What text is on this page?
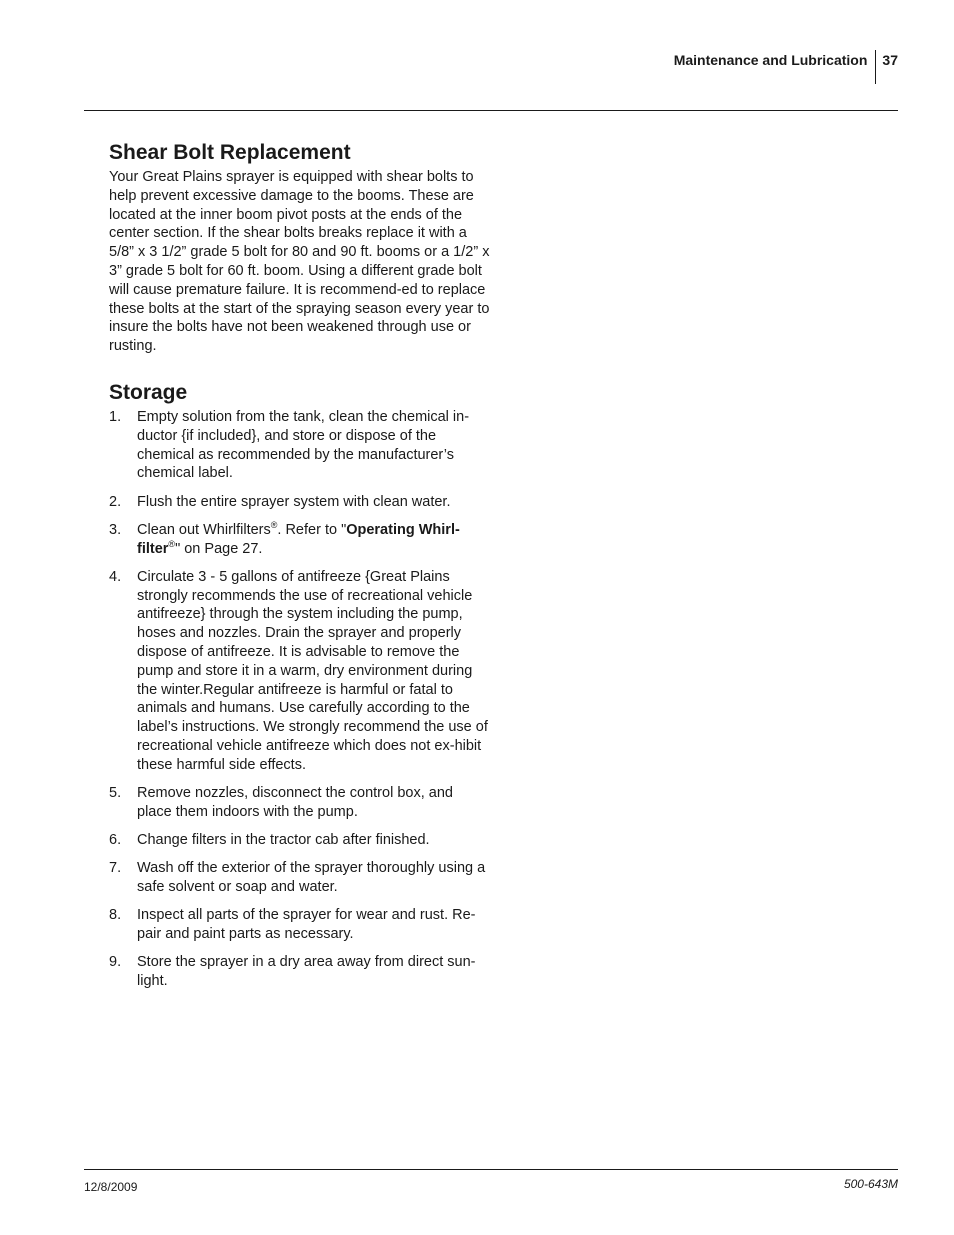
Maintenance and Lubrication 37
Shear Bolt Replacement

Your Great Plains sprayer is equipped with shear bolts to help prevent excessive damage to the booms. These are located at the inner boom pivot posts at the ends of the center section. If the shear bolts breaks replace it with a 5/8” x 3 1/2” grade 5 bolt for 80 and 90 ft. booms or a 1/2” x 3” grade 5 bolt for 60 ft. boom. Using a different grade bolt will cause premature failure. It is recommend-ed to replace these bolts at the start of the spraying season every year to insure the bolts have not been weakened through use or rusting.

Storage
1.	Empty solution from the tank, clean the chemical in-ductor {if included}, and store or dispose of the chemical as recommended by the manufacturer’s chemical label.
2.	Flush the entire sprayer system with clean water.
3.	Clean out Whirlfilters®. Refer to "Operating Whirl-filter®" on Page 27.
4.	Circulate 3 - 5 gallons of antifreeze {Great Plains strongly recommends the use of recreational vehicle antifreeze} through the system including the pump, hoses and nozzles. Drain the sprayer and properly dispose of antifreeze. It is advisable to remove the pump and store it in a warm, dry environment during the winter.Regular antifreeze is harmful or fatal to animals and humans. Use carefully according to the label’s instructions. We strongly recommend the use of recreational vehicle antifreeze which does not ex-hibit these harmful side effects.
5.	Remove nozzles, disconnect the control box, and place them indoors with the pump.
6.	Change filters in the tractor cab after finished.
7.	Wash off the exterior of the sprayer thoroughly using a safe solvent or soap and water.
8.	Inspect all parts of the sprayer for wear and rust. Re-pair and paint parts as necessary.
9.	Store the sprayer in a dry area away from direct sun-light.
12/8/2009	500-643M
